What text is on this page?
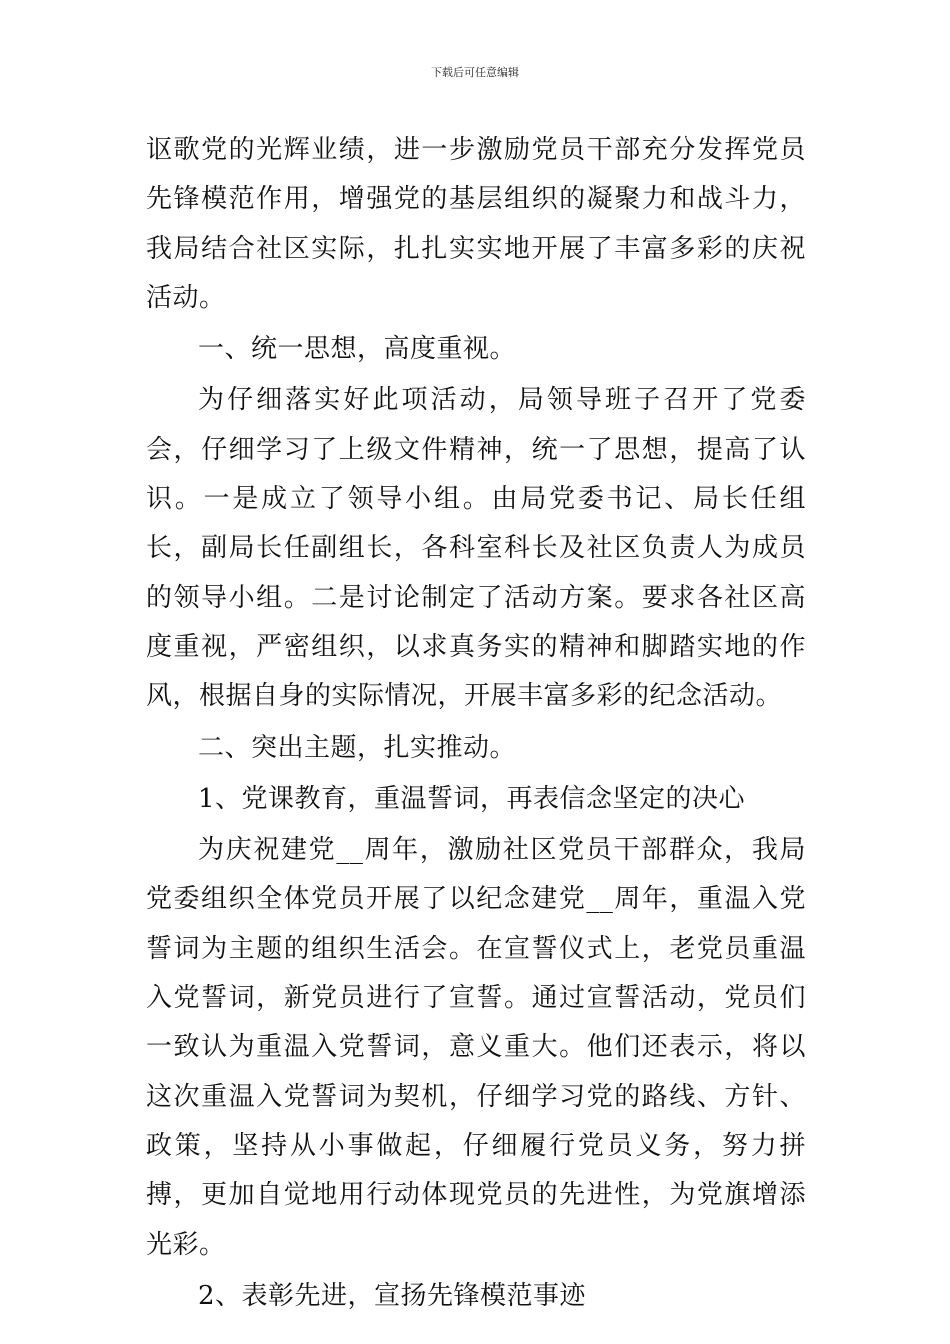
下载后可任意编辑

讴歌党的光辉业绩，进一步激励党员干部充分发挥党员先锋模范作用，增强党的基层组织的凝聚力和战斗力，我局结合社区实际，扎扎实实地开展了丰富多彩的庆祝活动。

一、统一思想，高度重视。

为仔细落实好此项活动，局领导班子召开了党委会，仔细学习了上级文件精神，统一了思想，提高了认识。一是成立了领导小组。由局党委书记、局长任组长，副局长任副组长，各科室科长及社区负责人为成员的领导小组。二是讨论制定了活动方案。要求各社区高度重视，严密组织，以求真务实的精神和脚踏实地的作风，根据自身的实际情况，开展丰富多彩的纪念活动。

二、突出主题，扎实推动。

1、党课教育，重温誓词，再表信念坚定的决心

为庆祝建党__周年，激励社区党员干部群众，我局党委组织全体党员开展了以纪念建党__周年，重温入党誓词为主题的组织生活会。在宣誓仪式上，老党员重温入党誓词，新党员进行了宣誓。通过宣誓活动，党员们一致认为重温入党誓词，意义重大。他们还表示，将以这次重温入党誓词为契机，仔细学习党的路线、方针、政策，坚持从小事做起，仔细履行党员义务，努力拼搏，更加自觉地用行动体现党员的先进性，为党旗增添光彩。

2、表彰先进，宣扬先锋模范事迹
